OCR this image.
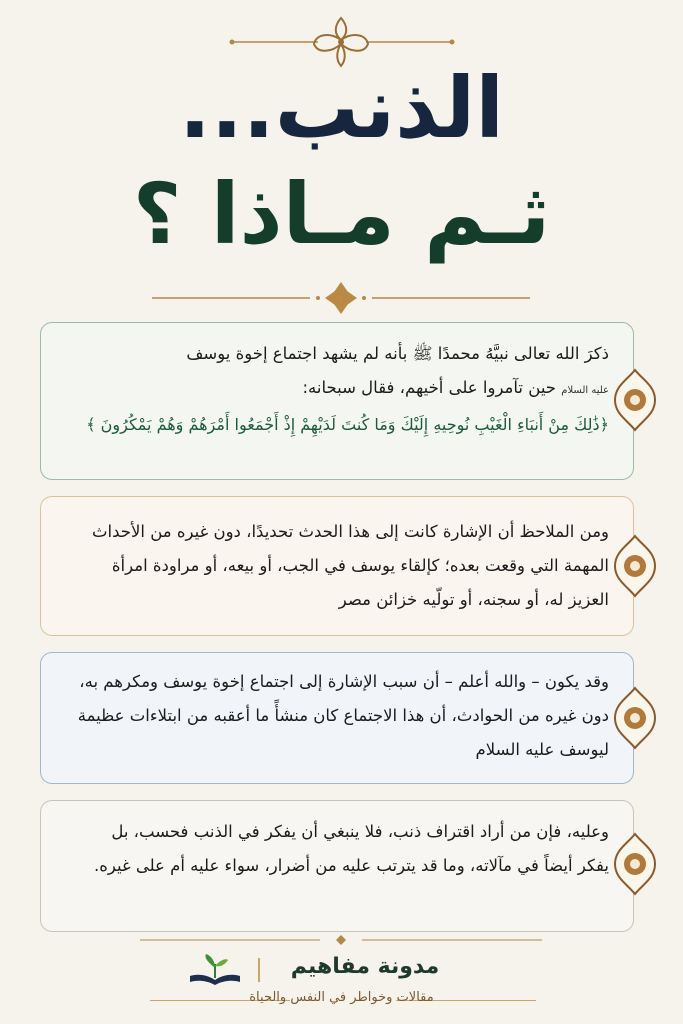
الذنب...
ثـم مـاذا ؟

ذكرَ الله تعالى نبيَّهُ محمدًا ﷺ بأنه لم يشهد اجتماع إخوة يوسف

عليه السلام حين تآمروا على أخيهم، فقال سبحانه:

﴿ذَٰلِكَ مِنْ أَنبَاءِ الْغَيْبِ نُوحِيهِ إِلَيْكَ وَمَا كُنتَ لَدَيْهِمْ إِذْ أَجْمَعُوا أَمْرَهُمْ وَهُمْ يَمْكُرُونَ ﴾

ومن الملاحظ أن الإشارة كانت إلى هذا الحدث تحديدًا، دون غيره من الأحداث المهمة التي وقعت بعده؛ كإلقاء يوسف في الجب، أو بيعه، أو مراودة امرأة العزيز له، أو سجنه، أو تولّيه خزائن مصر

وقد يكون – والله أعلم – أن سبب الإشارة إلى اجتماع إخوة يوسف ومكرهم به، دون غيره من الحوادث، أن هذا الاجتماع كان منشأً ما أعقبه من ابتلاءات عظيمة ليوسف عليه السلام

وعليه، فإن من أراد اقتراف ذنب، فلا ينبغي أن يفكر في الذنب فحسب، بل يفكر أيضاً في مآلاته، وما قد يترتب عليه من أضرار، سواء عليه أم على غيره.

مدونة مفاهيم
مقالات وخواطر في النفس والحياة
